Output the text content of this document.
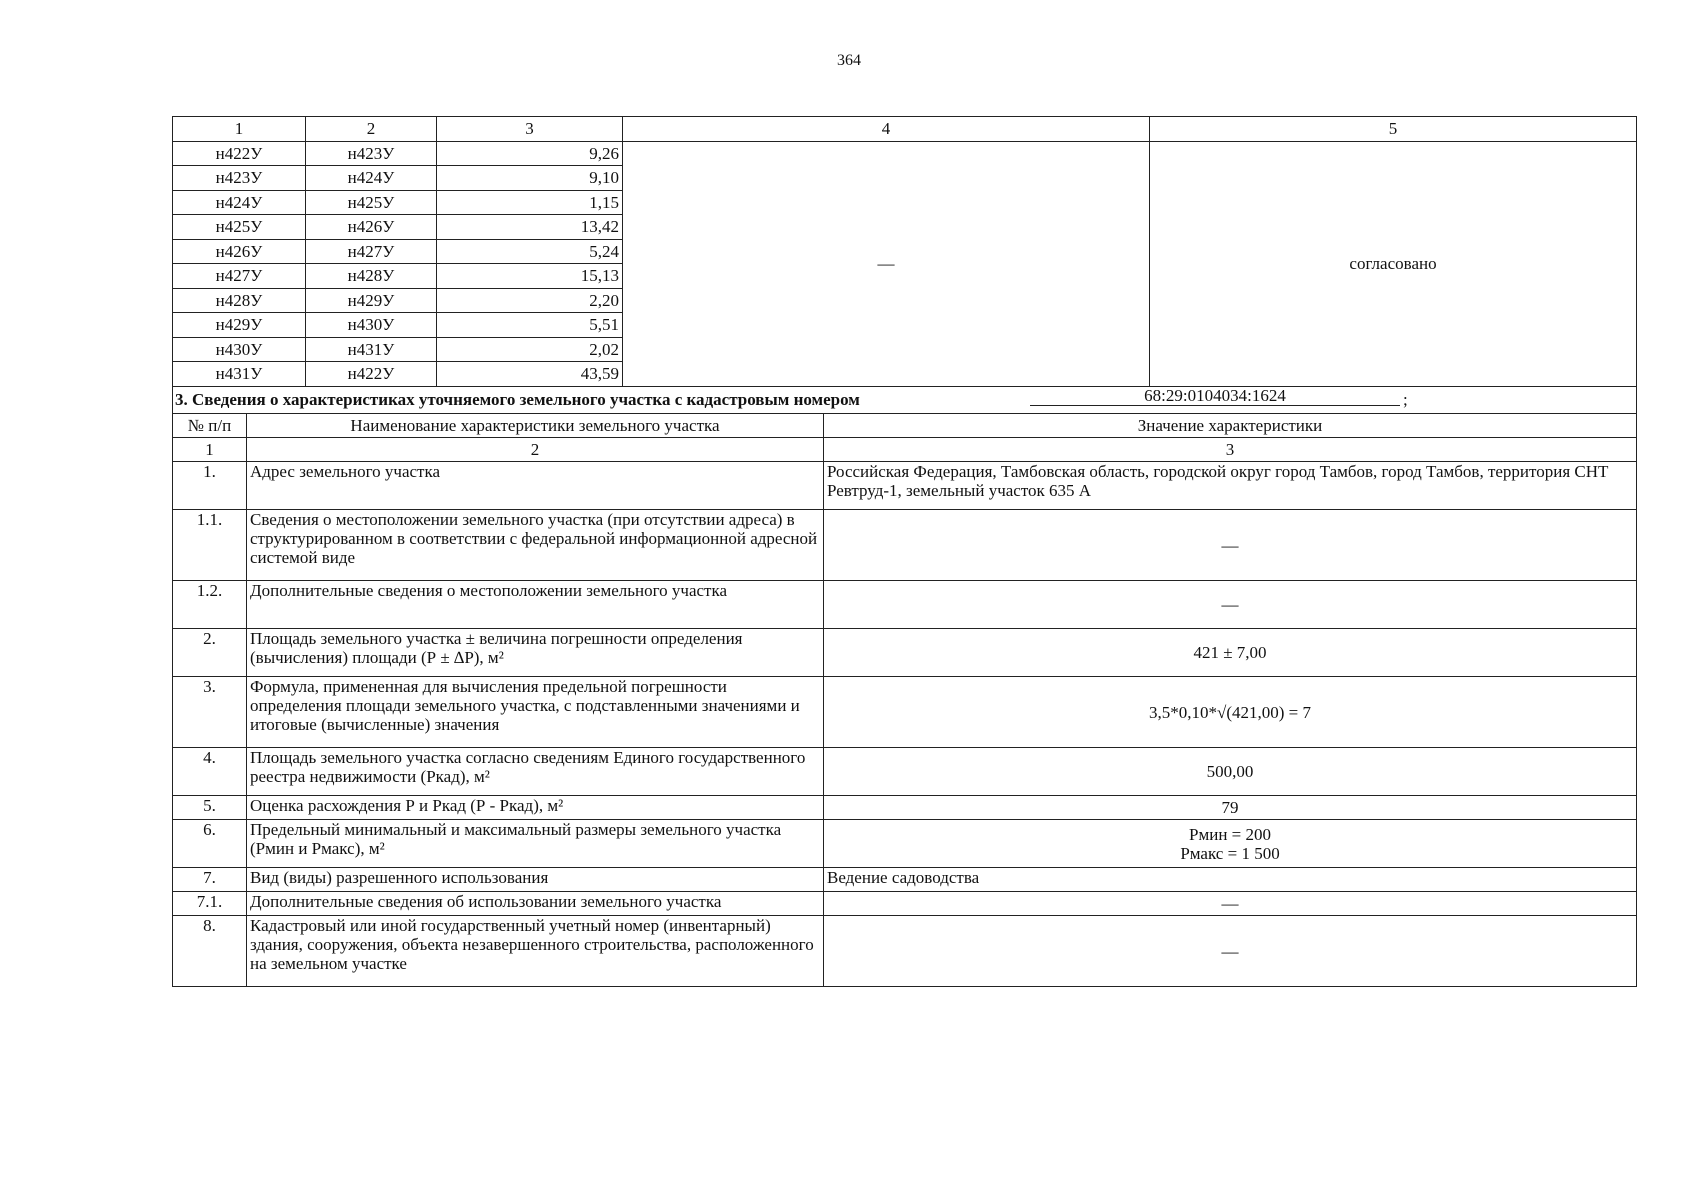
364
1	2	3	4	5
н422У	н423У	9,26	—	согласовано
н423У	н424У	9,10		
н424У	н425У	1,15		
н425У	н426У	13,42		
н426У	н427У	5,24		
н427У	н428У	15,13		
н428У	н429У	2,20		
н429У	н430У	5,51		
н430У	н431У	2,02		
н431У	н422У	43,59		
3. Сведения о характеристиках уточняемого земельного участка с кадастровым номером 68:29:0104034:1624 ;		

№ п/п	Наименование характеристики земельного участка	Значение характеристики
1	2	3
1.	Адрес земельного участка	Российская Федерация, Тамбовская область, городской округ город Тамбов, город Тамбов, территория СНТ Ревтруд-1, земельный участок 635 А

1.1.	Сведения о местоположении земельного участка (при отсутствии адреса) в структурированном в соответствии с федеральной информационной адресной системой виде	—

1.2.	Дополнительные сведения о местоположении земельного участка	—

2.	Площадь земельного участка ± величина погрешности определения (вычисления) площади (Р ± ∆Р), м²	421 ± 7,00

3.	Формула, примененная для вычисления предельной погрешности определения площади земельного участка, с подставленными значениями и итоговые (вычисленные) значения	3,5*0,10*√(421,00) = 7

4.	Площадь земельного участка согласно сведениям Единого государственного реестра недвижимости (Ркад), м²	500,00

5.	Оценка расхождения Р и Ркад (Р - Ркад), м²	79

6.	Предельный минимальный и максимальный размеры земельного участка (Рмин и Рмакс), м²	Рмин = 200
Рмакс = 1 500

7.	Вид (виды) разрешенного использования	Ведение садоводства

7.1.	Дополнительные сведения об использовании земельного участка	—

8.	Кадастровый или иной государственный учетный номер (инвентарный) здания, сооружения, объекта незавершенного строительства, расположенного на земельном участке	—
